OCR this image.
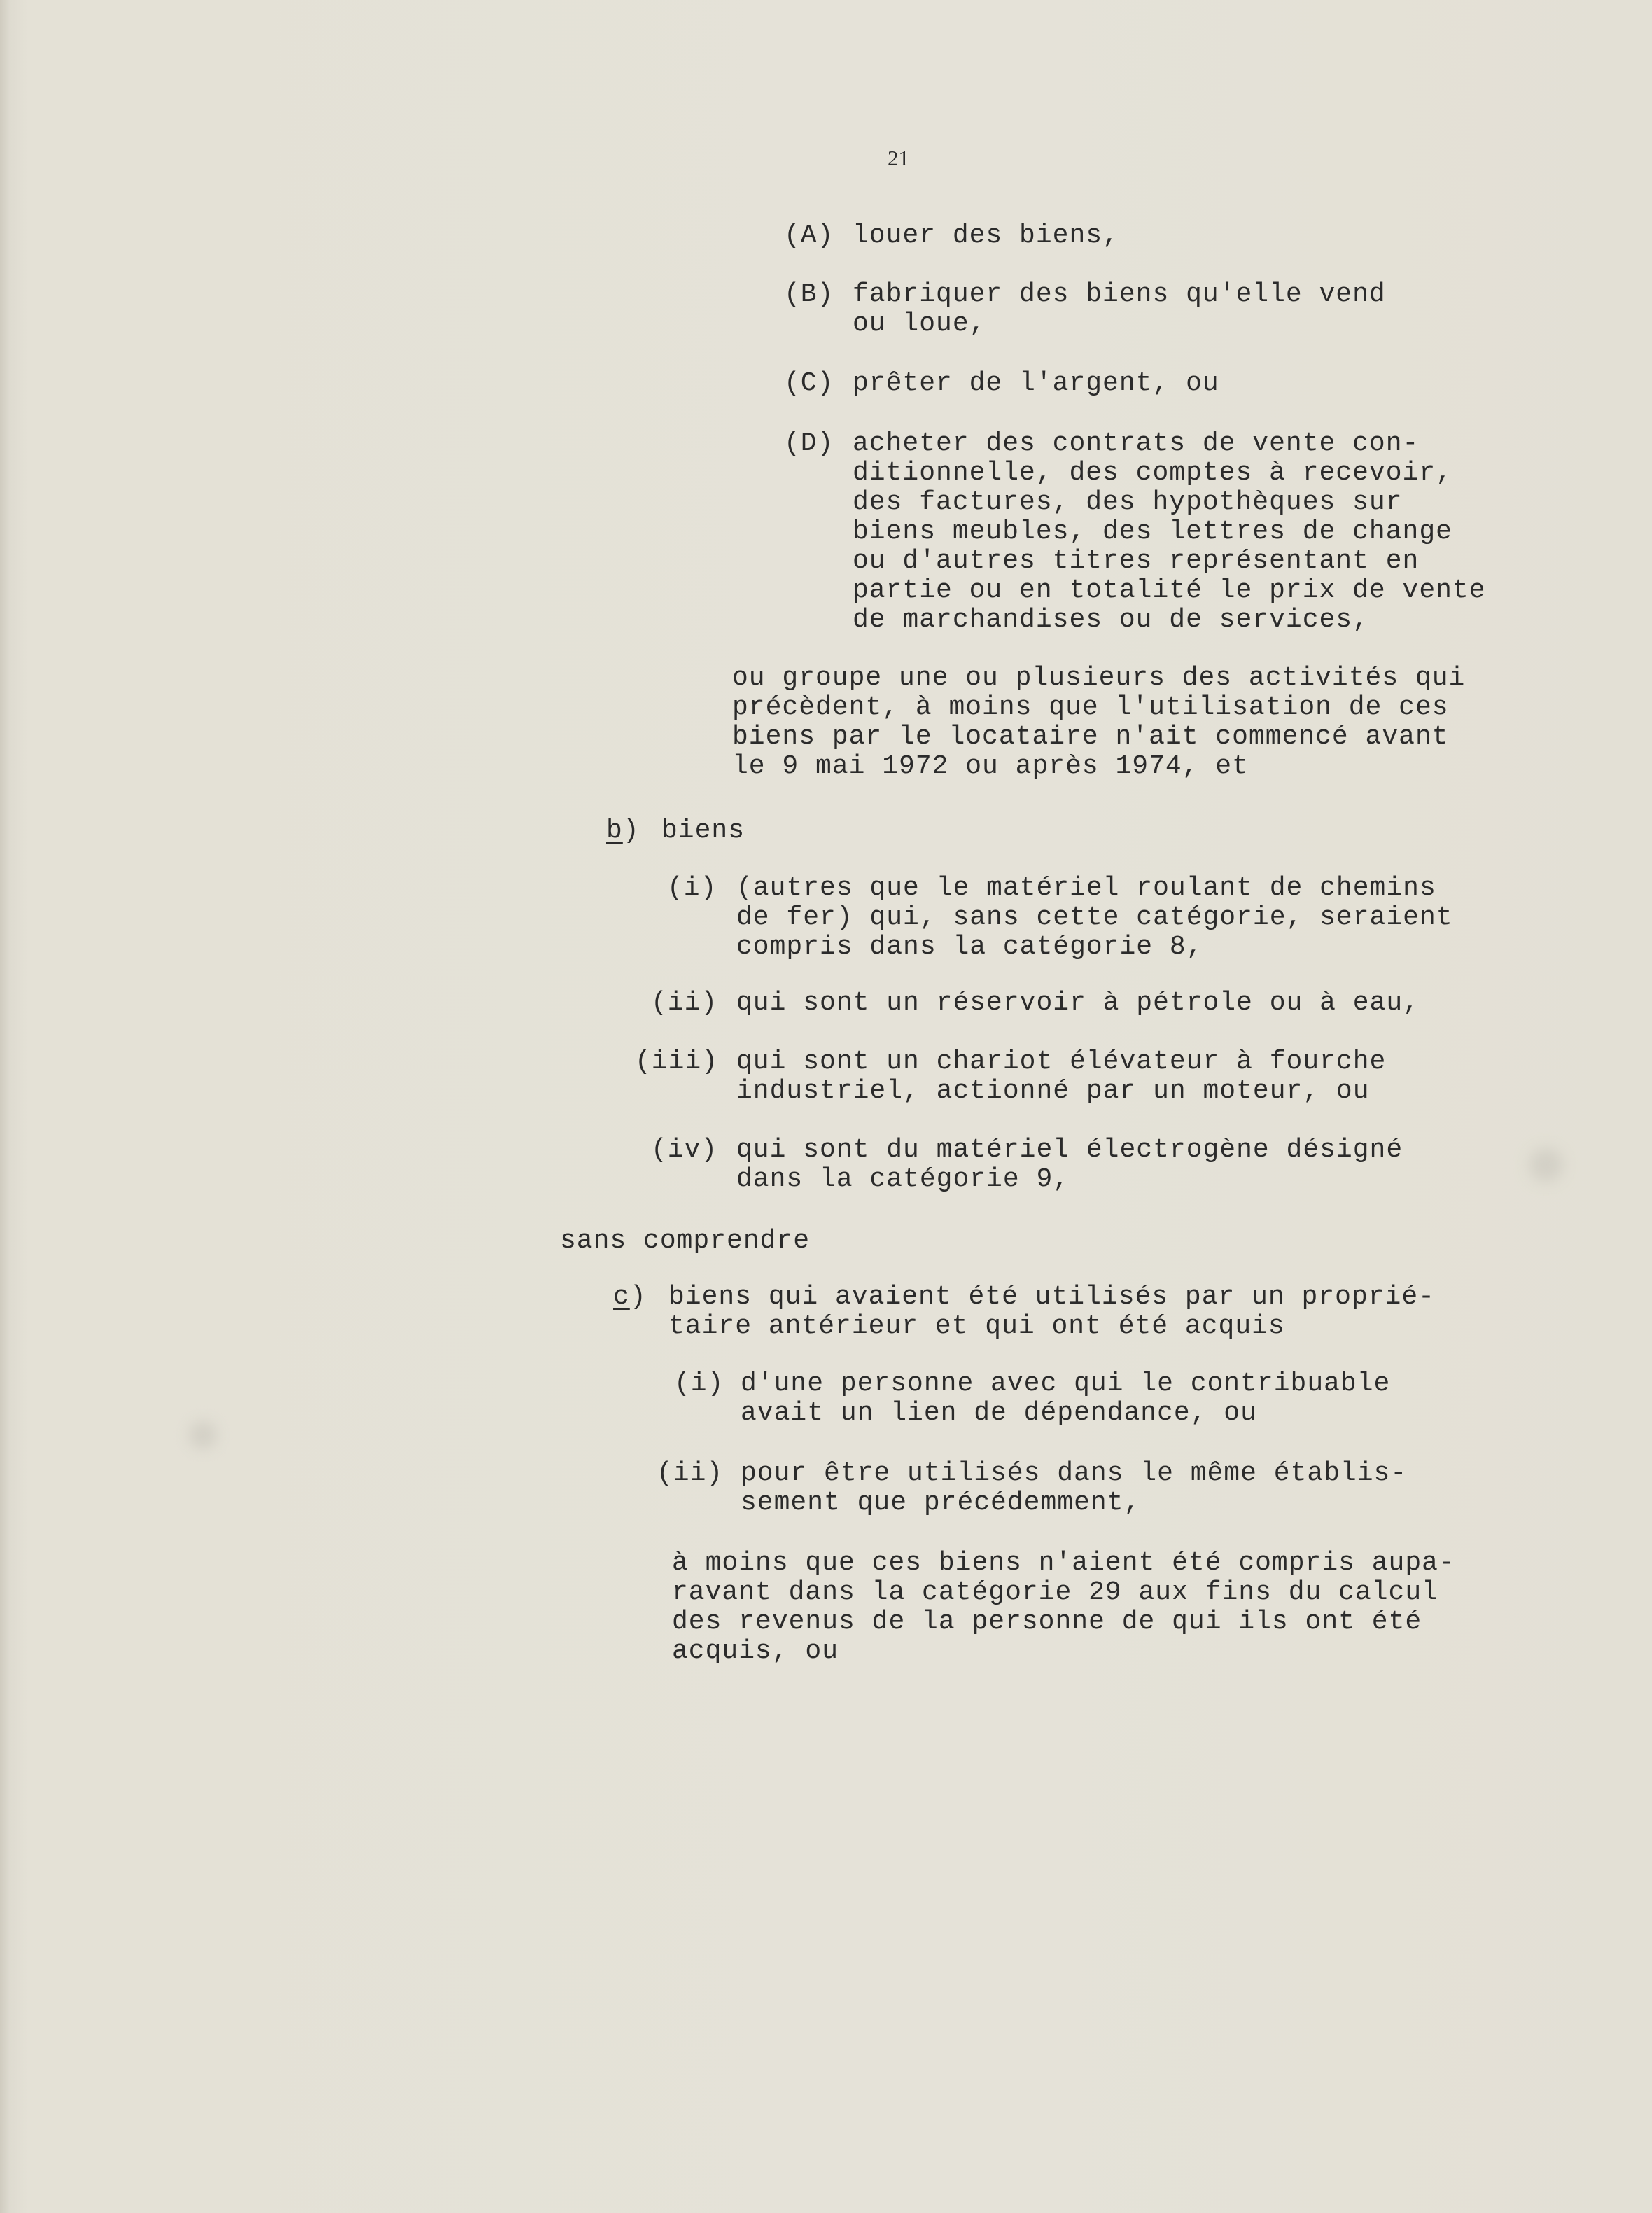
21

(A) louer des biens,

(B) fabriquer des biens qu'elle vend
ou loue,

(C) prêter de l'argent, ou

(D) acheter des contrats de vente con-
ditionnelle, des comptes à recevoir,
des factures, des hypothèques sur
biens meubles, des lettres de change
ou d'autres titres représentant en
partie ou en totalité le prix de vente
de marchandises ou de services,

ou groupe une ou plusieurs des activités qui
précèdent, à moins que l'utilisation de ces
biens par le locataire n'ait commencé avant
le 9 mai 1972 ou après 1974, et

b) biens

(i) (autres que le matériel roulant de chemins
de fer) qui, sans cette catégorie, seraient
compris dans la catégorie 8,

(ii) qui sont un réservoir à pétrole ou à eau,

(iii) qui sont un chariot élévateur à fourche
industriel, actionné par un moteur, ou

(iv) qui sont du matériel électrogène désigné
dans la catégorie 9,

sans comprendre

c) biens qui avaient été utilisés par un proprié-
taire antérieur et qui ont été acquis

(i) d'une personne avec qui le contribuable
avait un lien de dépendance, ou

(ii) pour être utilisés dans le même établis-
sement que précédemment,

à moins que ces biens n'aient été compris aupa-
ravant dans la catégorie 29 aux fins du calcul
des revenus de la personne de qui ils ont été
acquis, ou
